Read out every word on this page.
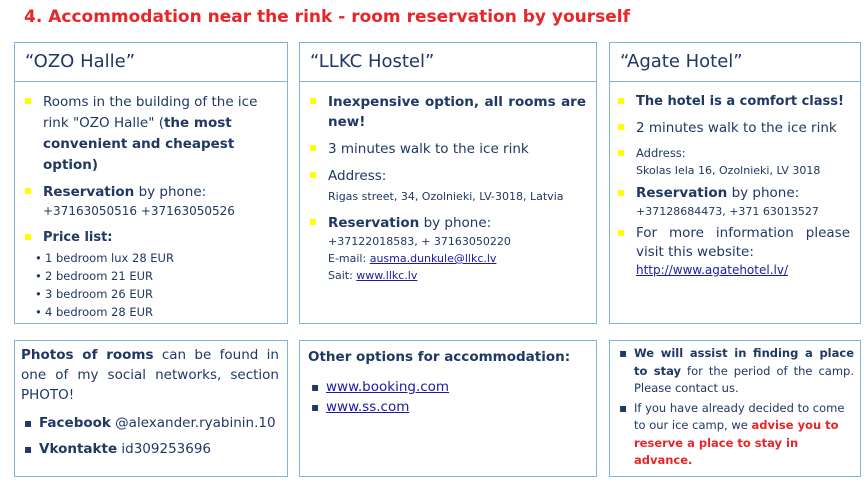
4. Accommodation near the rink - room reservation by yourself
“OZO Halle”
Rooms in the building of the ice rink "OZO Halle" (the most convenient and cheapest option)
Reservation by phone:
+37163050516 +37163050526
Price list:
• 1 bedroom lux 28 EUR
• 2 bedroom 21 EUR
• 3 bedroom 26 EUR
• 4 bedroom 28 EUR
“LLKC Hostel”
Inexpensive option, all rooms are new!
3 minutes walk to the ice rink
Address:
Rigas street, 34, Ozolnieki, LV-3018, Latvia
Reservation by phone:
+37122018583, + 37163050220
E-mail: ausma.dunkule@llkc.lv
Sait: www.llkc.lv
“Agate Hotel”
The hotel is a comfort class!
2 minutes walk to the ice rink
Address:
Skolas Iela 16, Ozolnieki, LV 3018
Reservation by phone:
+37128684473, +371 63013527
For more information please visit this website:
http://www.agatehotel.lv/
Photos of rooms can be found in one of my social networks, section PHOTO!
▪ Facebook @alexander.ryabinin.10
▪ Vkontakte id309253696
Other options for accommodation:
▪ www.booking.com
▪ www.ss.com
▪ We will assist in finding a place to stay for the period of the camp. Please contact us.
▪ If you have already decided to come to our ice camp, we advise you to reserve a place to stay in advance.
